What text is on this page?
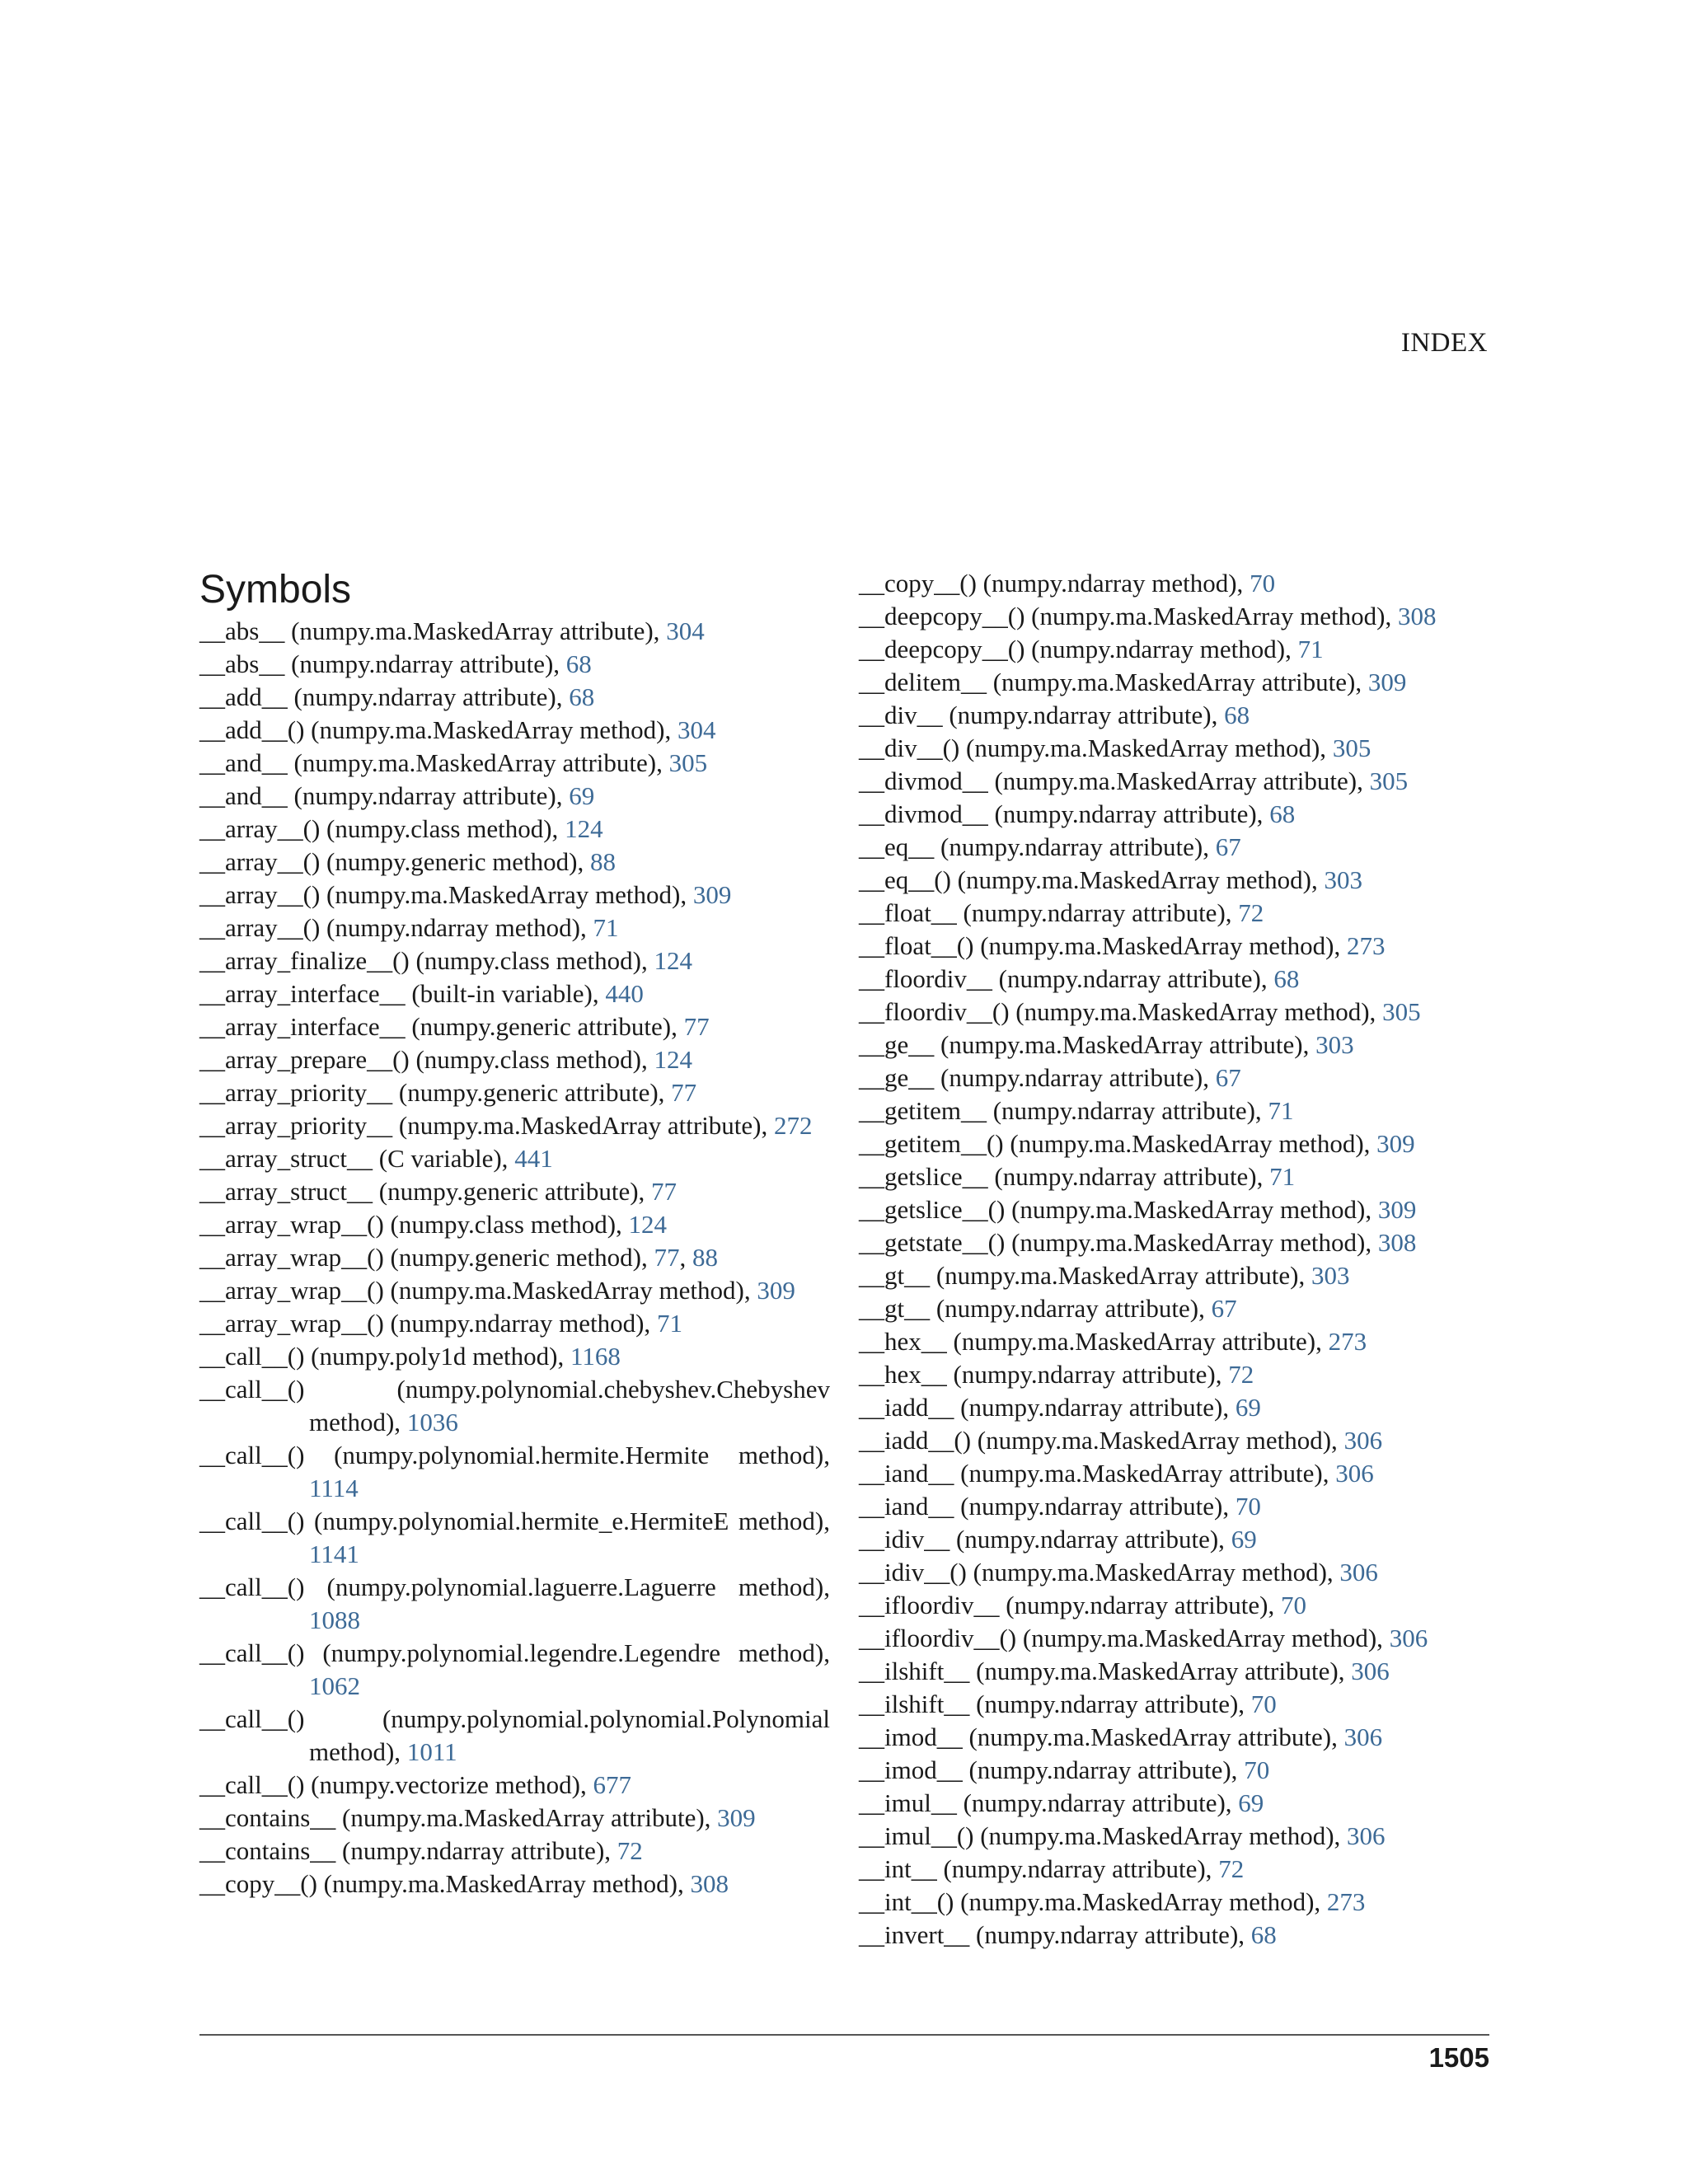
INDEX
Symbols
__abs__ (numpy.ma.MaskedArray attribute), 304
__abs__ (numpy.ndarray attribute), 68
__add__ (numpy.ndarray attribute), 68
__add__() (numpy.ma.MaskedArray method), 304
__and__ (numpy.ma.MaskedArray attribute), 305
__and__ (numpy.ndarray attribute), 69
__array__() (numpy.class method), 124
__array__() (numpy.generic method), 88
__array__() (numpy.ma.MaskedArray method), 309
__array__() (numpy.ndarray method), 71
__array_finalize__() (numpy.class method), 124
__array_interface__ (built-in variable), 440
__array_interface__ (numpy.generic attribute), 77
__array_prepare__() (numpy.class method), 124
__array_priority__ (numpy.generic attribute), 77
__array_priority__ (numpy.ma.MaskedArray attribute), 272
__array_struct__ (C variable), 441
__array_struct__ (numpy.generic attribute), 77
__array_wrap__() (numpy.class method), 124
__array_wrap__() (numpy.generic method), 77, 88
__array_wrap__() (numpy.ma.MaskedArray method), 309
__array_wrap__() (numpy.ndarray method), 71
__call__() (numpy.poly1d method), 1168
__call__() (numpy.polynomial.chebyshev.Chebyshev method), 1036
__call__() (numpy.polynomial.hermite.Hermite method), 1114
__call__() (numpy.polynomial.hermite_e.HermiteE method), 1141
__call__() (numpy.polynomial.laguerre.Laguerre method), 1088
__call__() (numpy.polynomial.legendre.Legendre method), 1062
__call__() (numpy.polynomial.polynomial.Polynomial method), 1011
__call__() (numpy.vectorize method), 677
__contains__ (numpy.ma.MaskedArray attribute), 309
__contains__ (numpy.ndarray attribute), 72
__copy__() (numpy.ma.MaskedArray method), 308
__copy__() (numpy.ndarray method), 70
__deepcopy__() (numpy.ma.MaskedArray method), 308
__deepcopy__() (numpy.ndarray method), 71
__delitem__ (numpy.ma.MaskedArray attribute), 309
__div__ (numpy.ndarray attribute), 68
__div__() (numpy.ma.MaskedArray method), 305
__divmod__ (numpy.ma.MaskedArray attribute), 305
__divmod__ (numpy.ndarray attribute), 68
__eq__ (numpy.ndarray attribute), 67
__eq__() (numpy.ma.MaskedArray method), 303
__float__ (numpy.ndarray attribute), 72
__float__() (numpy.ma.MaskedArray method), 273
__floordiv__ (numpy.ndarray attribute), 68
__floordiv__() (numpy.ma.MaskedArray method), 305
__ge__ (numpy.ma.MaskedArray attribute), 303
__ge__ (numpy.ndarray attribute), 67
__getitem__ (numpy.ndarray attribute), 71
__getitem__() (numpy.ma.MaskedArray method), 309
__getslice__ (numpy.ndarray attribute), 71
__getslice__() (numpy.ma.MaskedArray method), 309
__getstate__() (numpy.ma.MaskedArray method), 308
__gt__ (numpy.ma.MaskedArray attribute), 303
__gt__ (numpy.ndarray attribute), 67
__hex__ (numpy.ma.MaskedArray attribute), 273
__hex__ (numpy.ndarray attribute), 72
__iadd__ (numpy.ndarray attribute), 69
__iadd__() (numpy.ma.MaskedArray method), 306
__iand__ (numpy.ma.MaskedArray attribute), 306
__iand__ (numpy.ndarray attribute), 70
__idiv__ (numpy.ndarray attribute), 69
__idiv__() (numpy.ma.MaskedArray method), 306
__ifloordiv__ (numpy.ndarray attribute), 70
__ifloordiv__() (numpy.ma.MaskedArray method), 306
__ilshift__ (numpy.ma.MaskedArray attribute), 306
__ilshift__ (numpy.ndarray attribute), 70
__imod__ (numpy.ma.MaskedArray attribute), 306
__imod__ (numpy.ndarray attribute), 70
__imul__ (numpy.ndarray attribute), 69
__imul__() (numpy.ma.MaskedArray method), 306
__int__ (numpy.ndarray attribute), 72
__int__() (numpy.ma.MaskedArray method), 273
__invert__ (numpy.ndarray attribute), 68
1505
